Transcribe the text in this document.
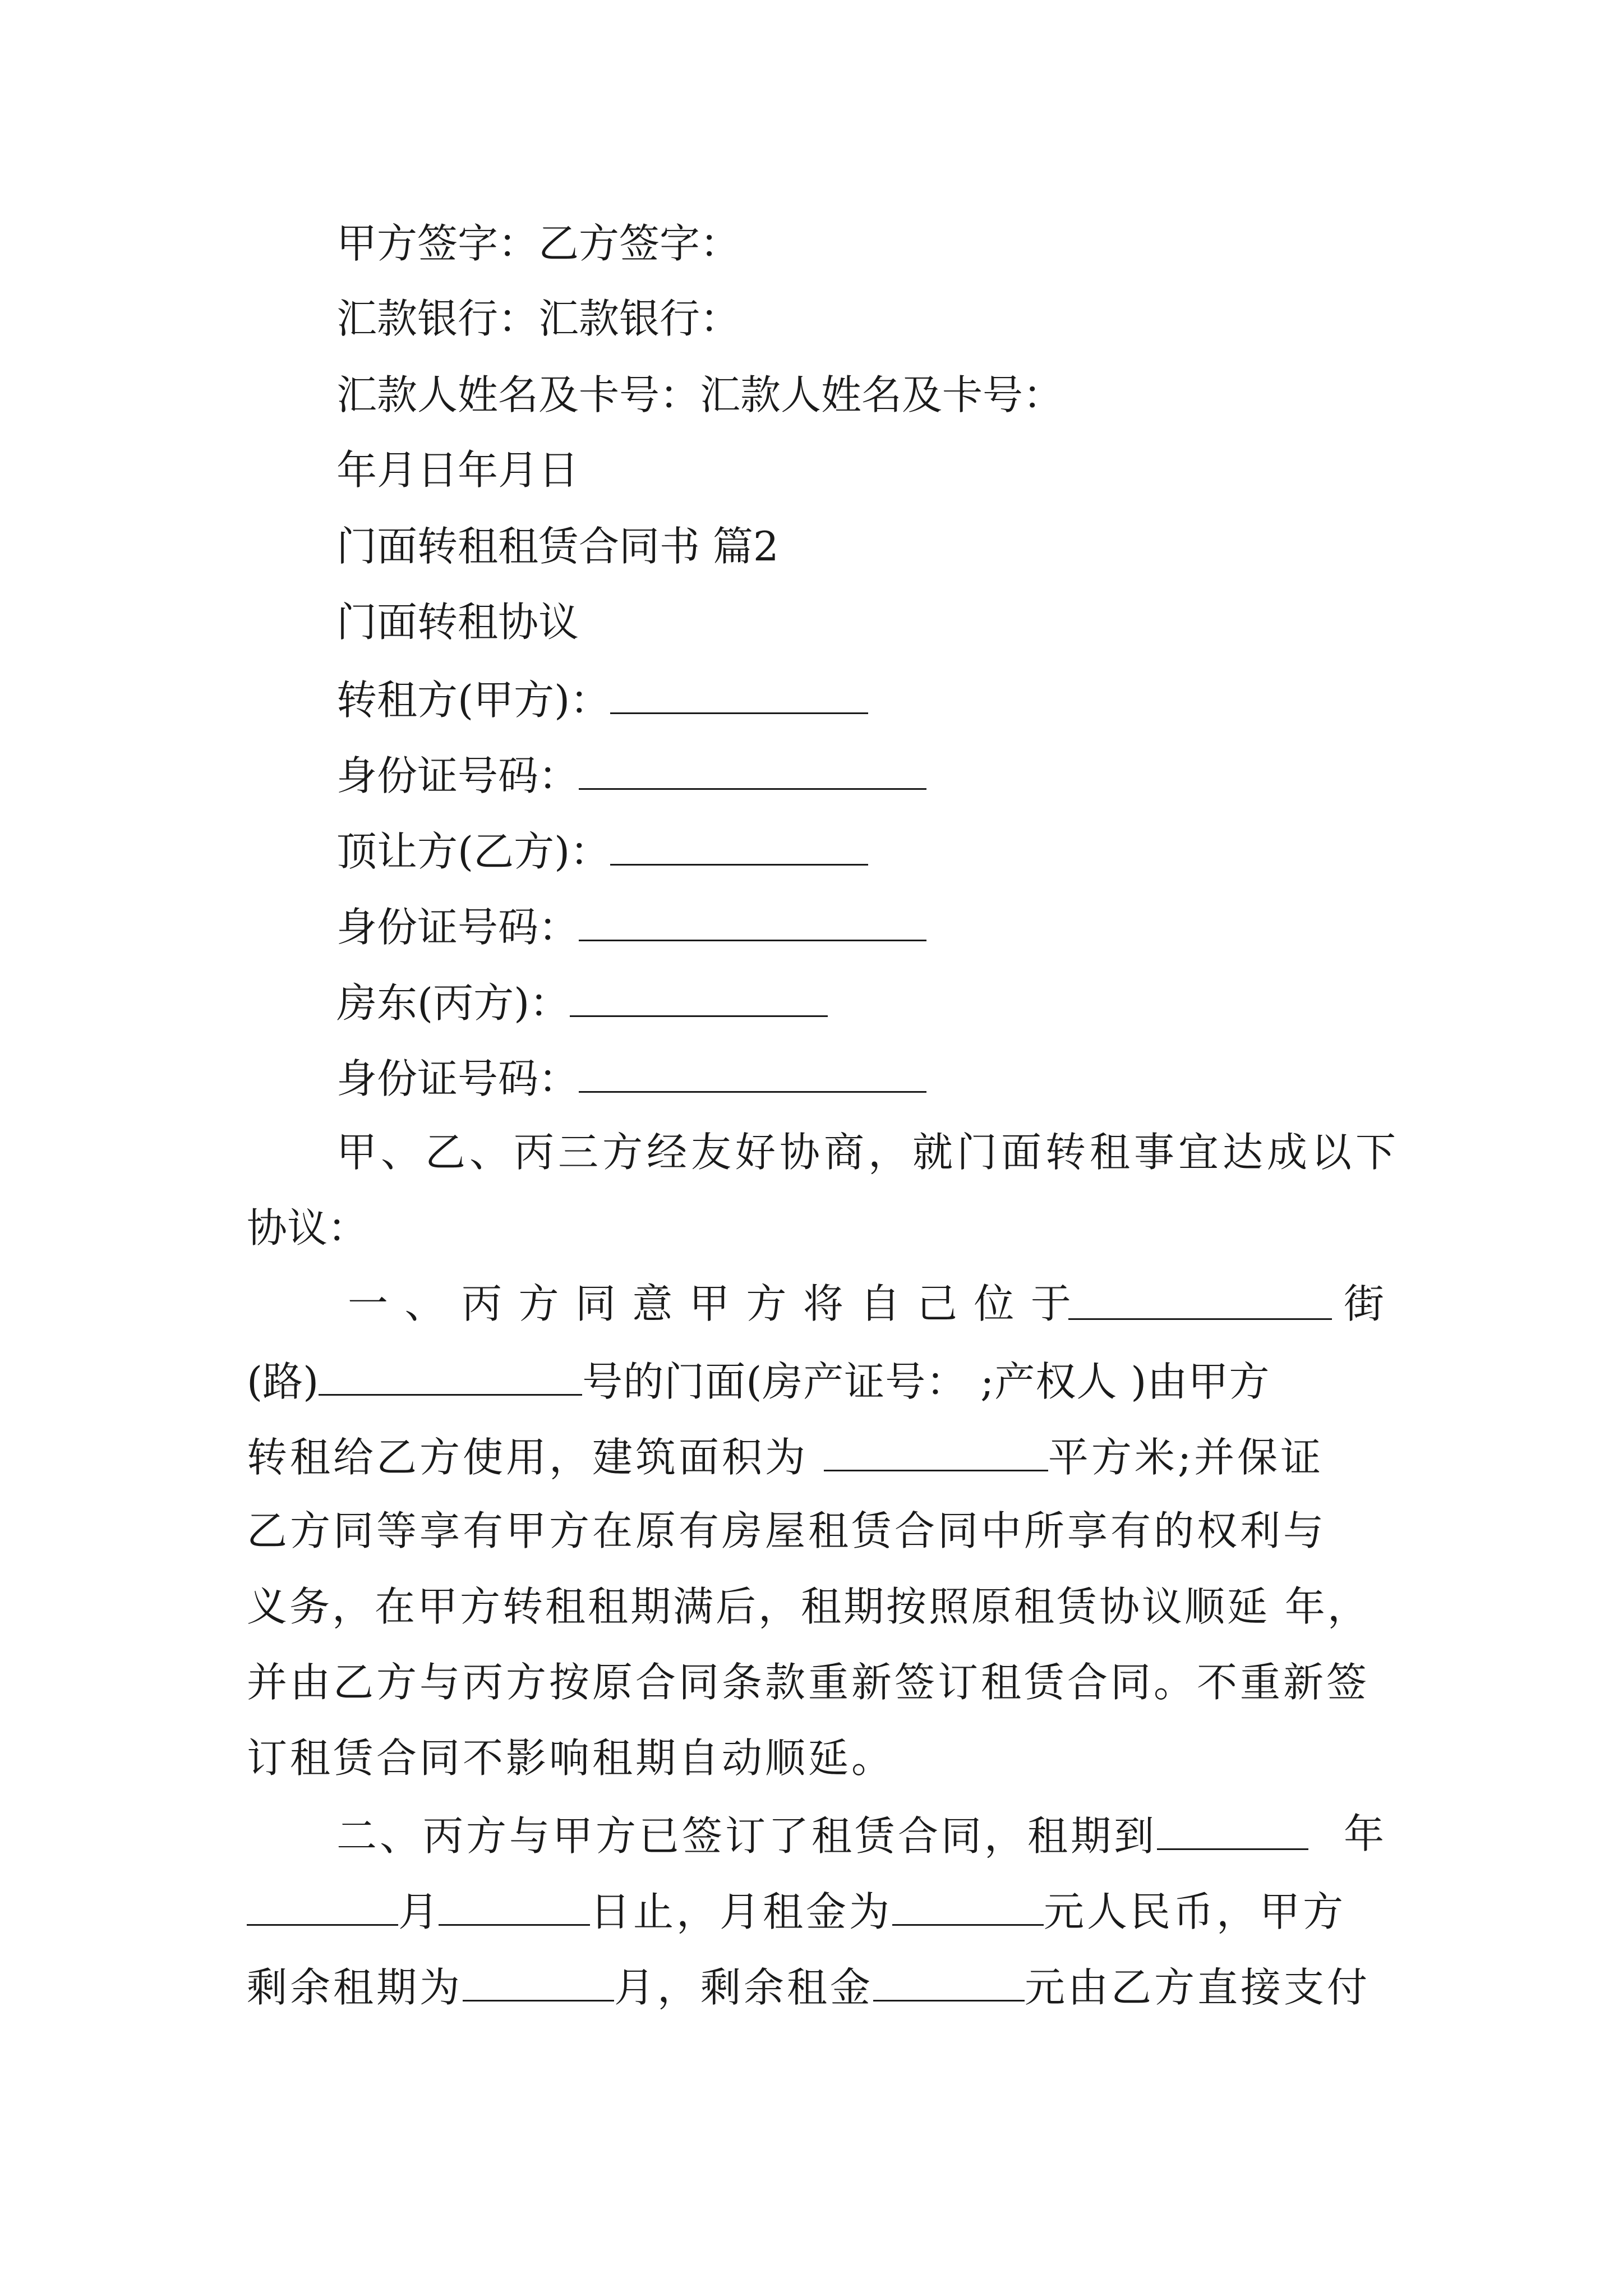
甲方签字：乙方签字：
汇款银行：汇款银行：
汇款人姓名及卡号：汇款人姓名及卡号：
年月日年月日
门面转租租赁合同书 篇2
门面转租协议
转租方(甲方)：
身份证号码：
顶让方(乙方)：
身份证号码：
房东(丙方)：
身份证号码：
甲、乙、丙三方经友好协商，就门面转租事宜达成以下
协议：
一 、 丙 方 同 意 甲 方 将 自 己 位 于	街
(路)	号的门面(房产证号： ;产权人 )由甲方
转租给乙方使用，建筑面积为	平方米;并保证
乙方同等享有甲方在原有房屋租赁合同中所享有的权利与
义务，在甲方转租租期满后，租期按照原租赁协议顺延 年，
并由乙方与丙方按原合同条款重新签订租赁合同。不重新签
订租赁合同不影响租期自动顺延。
二、丙方与甲方已签订了租赁合同，租期到	年
月	日止，月租金为	元人民币，甲方
剩余租期为	月，剩余租金	元由乙方直接支付
